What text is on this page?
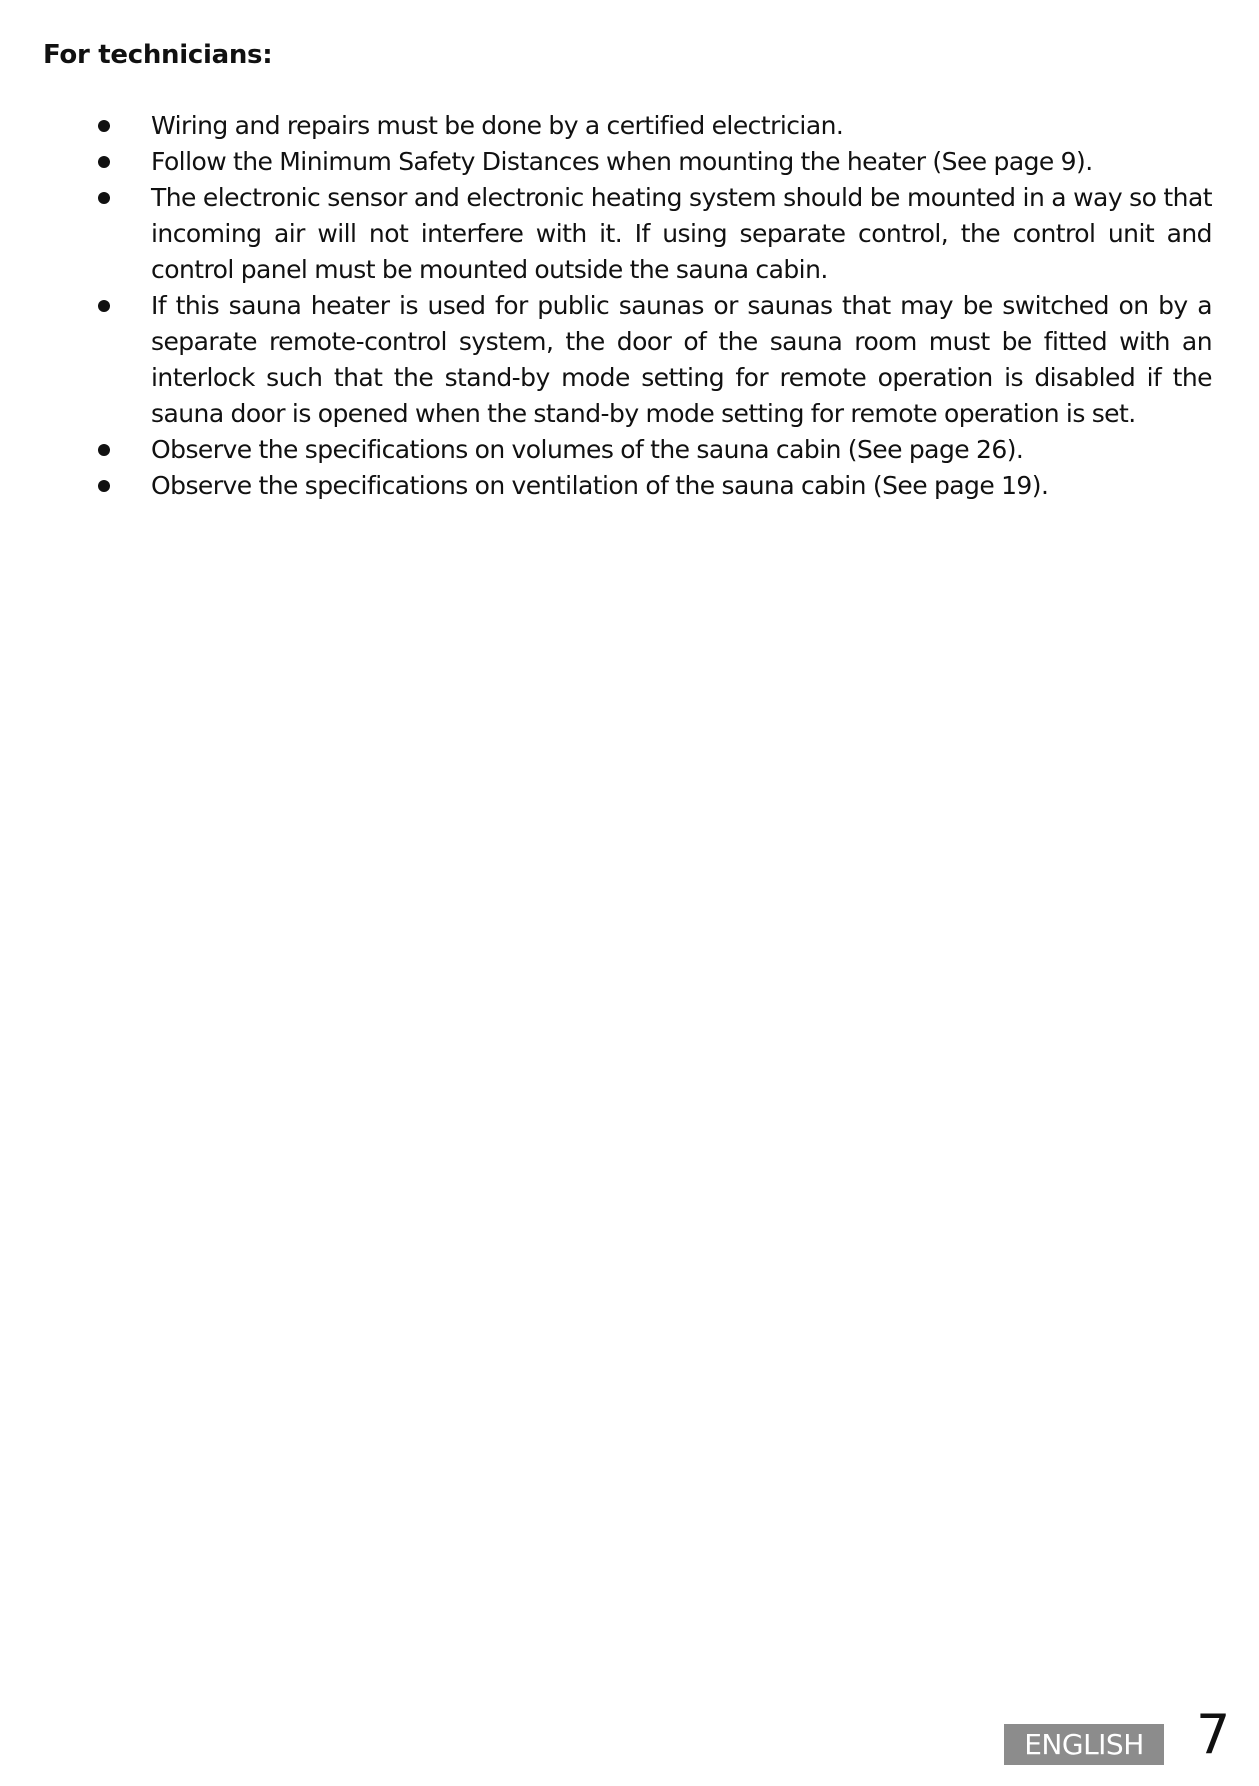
For technicians:
Wiring and repairs must be done by a certified electrician.
Follow the Minimum Safety Distances when mounting the heater (See page 9).
The electronic sensor and electronic heating system should be mounted in a way so that incoming air will not interfere with it. If using separate control, the control unit and control panel must be mounted outside the sauna cabin.
If this sauna heater is used for public saunas or saunas that may be switched on by a separate remote-control system, the door of the sauna room must be fitted with an interlock such that the stand-by mode setting for remote operation is disabled if the sauna door is opened when the stand-by mode setting for remote operation is set.
Observe the specifications on volumes of the sauna cabin (See page 26).
Observe the specifications on ventilation of the sauna cabin (See page 19).
ENGLISH 7
